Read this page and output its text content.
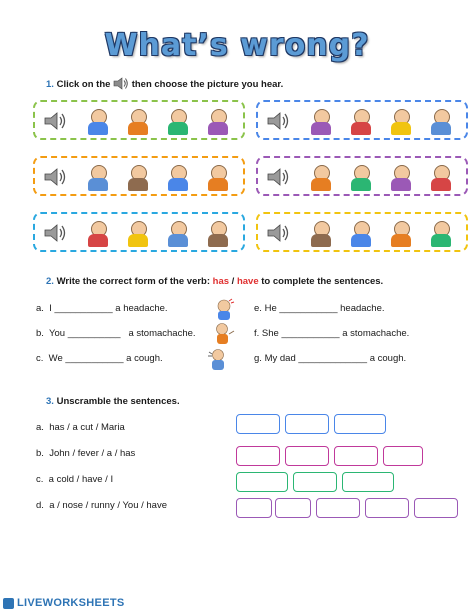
What’s wrong?
1. Click on the then choose the picture you hear.
2. Write the correct form of the verb: has / have to complete the sentences.
a. I ___________ a headache.
b. You __________ a stomachache.
c. We ___________ a cough.
e. He ___________ headache.
f. She ___________ a stomachache.
g. My dad _____________ a cough.
3. Unscramble the sentences.
a. has / a cut / Maria
b. John / fever / a / has
c. a cold / have / I
d. a / nose / runny / You / have
LIVEWORKSHEETS
